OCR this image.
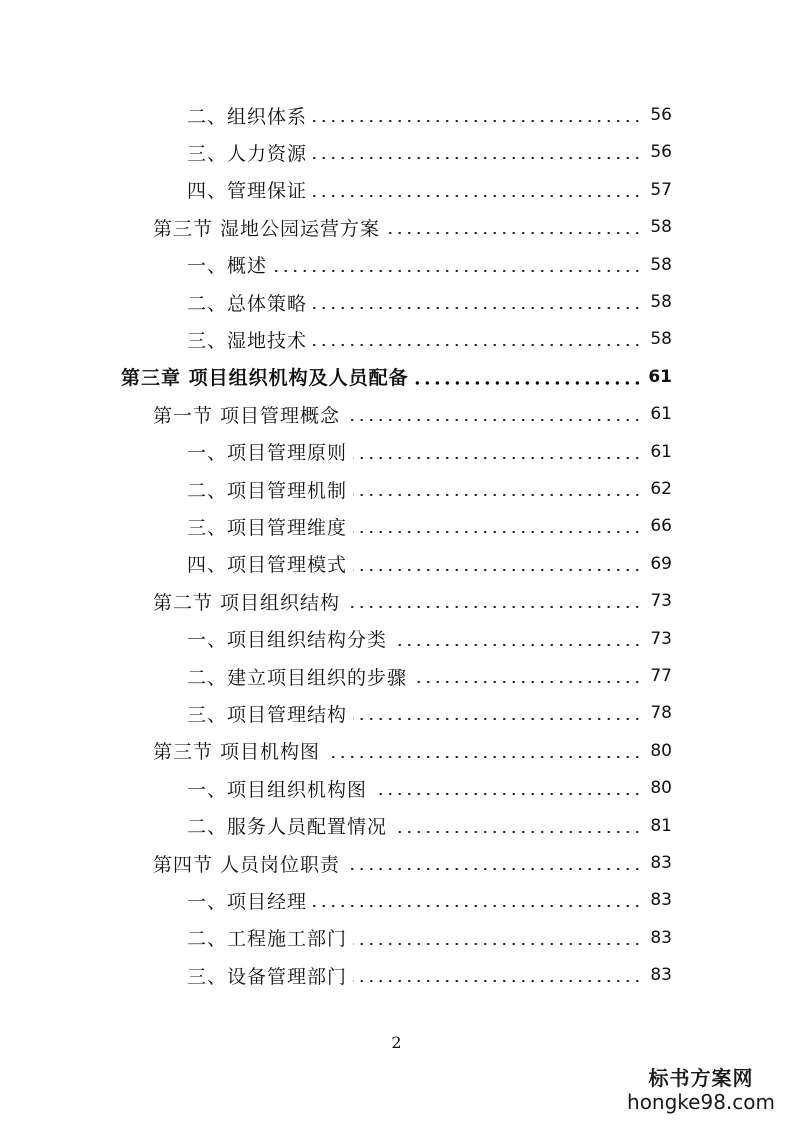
二、组织体系	56
三、人力资源	56
四、管理保证	57
第三节 湿地公园运营方案	58
一、概述	58
二、总体策略	58
三、湿地技术	58
第三章 项目组织机构及人员配备	61
第一节 项目管理概念	61
一、项目管理原则	61
二、项目管理机制	62
三、项目管理维度	66
四、项目管理模式	69
第二节 项目组织结构	73
一、项目组织结构分类	73
二、建立项目组织的步骤	77
三、项目管理结构	78
第三节 项目机构图	80
一、项目组织机构图	80
二、服务人员配置情况	81
第四节 人员岗位职责	83
一、项目经理	83
二、工程施工部门	83
三、设备管理部门	83
2
标书方案网
hongke98.com
